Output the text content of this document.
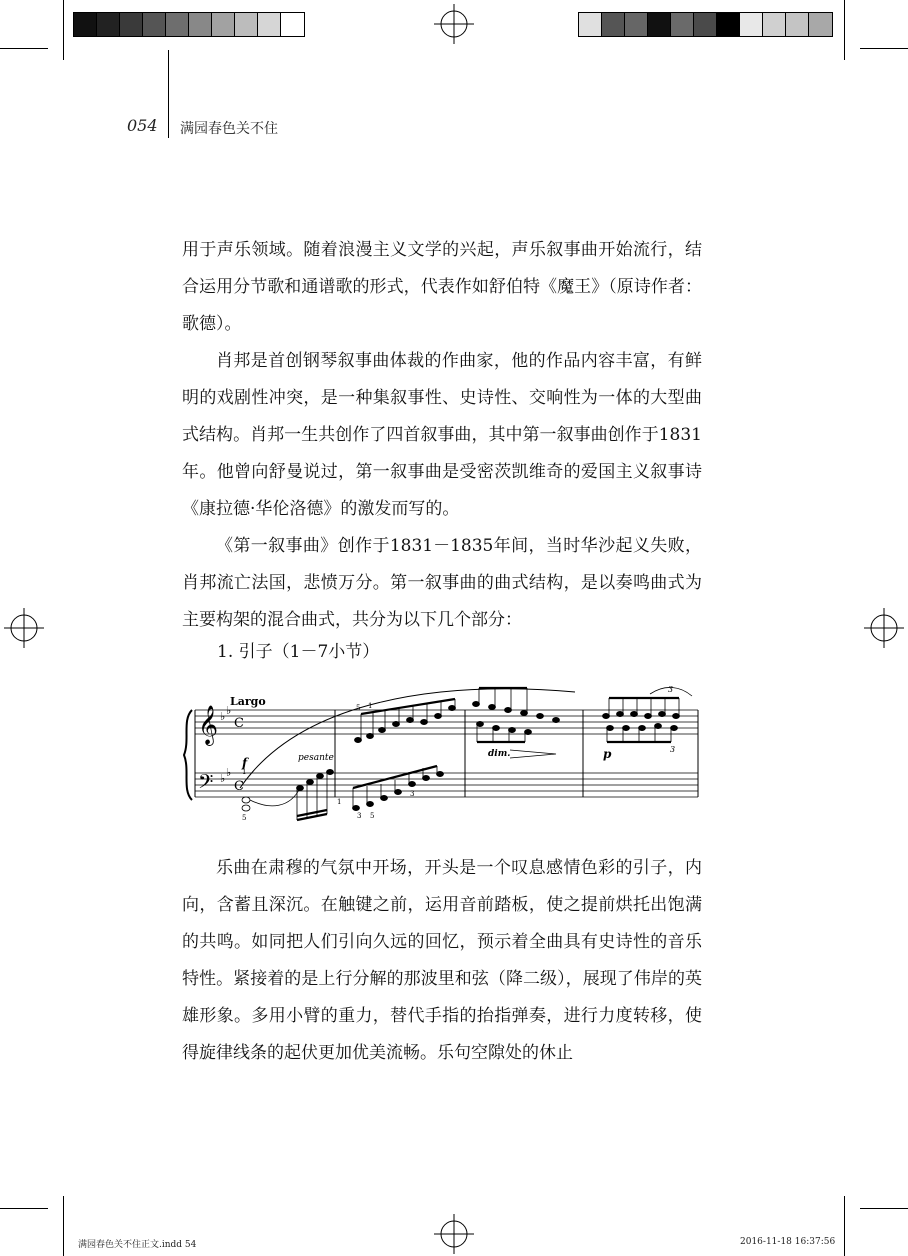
054 满园春色关不住

用于声乐领域。随着浪漫主义文学的兴起，声乐叙事曲开始流行，结合运用分节歌和通谱歌的形式，代表作如舒伯特《魔王》（原诗作者：歌德）。

肖邦是首创钢琴叙事曲体裁的作曲家，他的作品内容丰富，有鲜明的戏剧性冲突，是一种集叙事性、史诗性、交响性为一体的大型曲式结构。肖邦一生共创作了四首叙事曲，其中第一叙事曲创作于1831年。他曾向舒曼说过，第一叙事曲是受密茨凯维奇的爱国主义叙事诗《康拉德·华伦洛德》的激发而写的。

《第一叙事曲》创作于1831－1835年间，当时华沙起义失败，肖邦流亡法国，悲愤万分。第一叙事曲的曲式结构，是以奏鸣曲式为主要构架的混合曲式，共分为以下几个部分：

1. 引子（1－7小节）
𝄞
𝄢
♭ ♭
♭ ♭
C
C
Largo
f	pesante	dim.	p
3
3
5 1
1
5
1
3 5
3

乐曲在肃穆的气氛中开场，开头是一个叹息感情色彩的引子，内向，含蓄且深沉。在触键之前，运用音前踏板，使之提前烘托出饱满的共鸣。如同把人们引向久远的回忆，预示着全曲具有史诗性的音乐特性。紧接着的是上行分解的那波里和弦（降二级），展现了伟岸的英雄形象。多用小臂的重力，替代手指的抬指弹奏，进行力度转移，使得旋律线条的起伏更加优美流畅。乐句空隙处的休止

满园春色关不住正文.indd 54	2016-11-18 16:37:56
